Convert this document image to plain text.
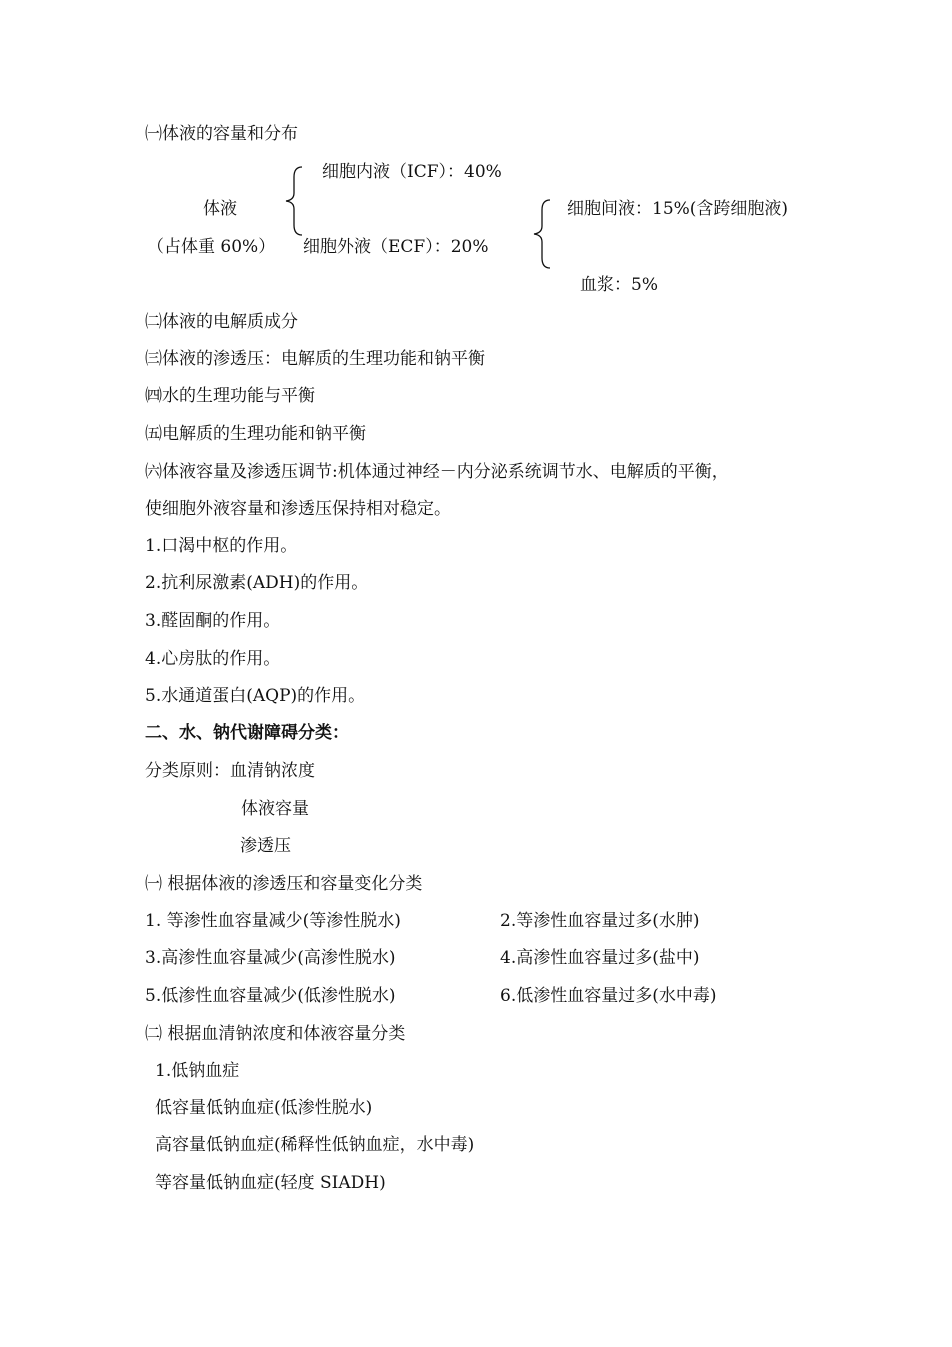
㈠体液的容量和分布
细胞内液（ICF）：40%
体液	细胞间液：15%(含跨细胞液)
（占体重 60%） 细胞外液（ECF）：20%
血浆：5%
㈡体液的电解质成分
㈢体液的渗透压：电解质的生理功能和钠平衡
㈣水的生理功能与平衡
㈤电解质的生理功能和钠平衡
㈥体液容量及渗透压调节:机体通过神经－内分泌系统调节水、电解质的平衡，
使细胞外液容量和渗透压保持相对稳定。
1.口渴中枢的作用。
2.抗利尿激素(ADH)的作用。
3.醛固酮的作用。
4.心房肽的作用。
5.水通道蛋白(AQP)的作用。
二、水、钠代谢障碍分类：
分类原则：血清钠浓度
体液容量
渗透压
㈠ 根据体液的渗透压和容量变化分类
1. 等渗性血容量减少(等渗性脱水)	2.等渗性血容量过多(水肿)
3.高渗性血容量减少(高渗性脱水)	4.高渗性血容量过多(盐中)
5.低渗性血容量减少(低渗性脱水)	6.低渗性血容量过多(水中毒)
㈡ 根据血清钠浓度和体液容量分类
1.低钠血症
低容量低钠血症(低渗性脱水)
高容量低钠血症(稀释性低钠血症，水中毒)
等容量低钠血症(轻度 SIADH)
